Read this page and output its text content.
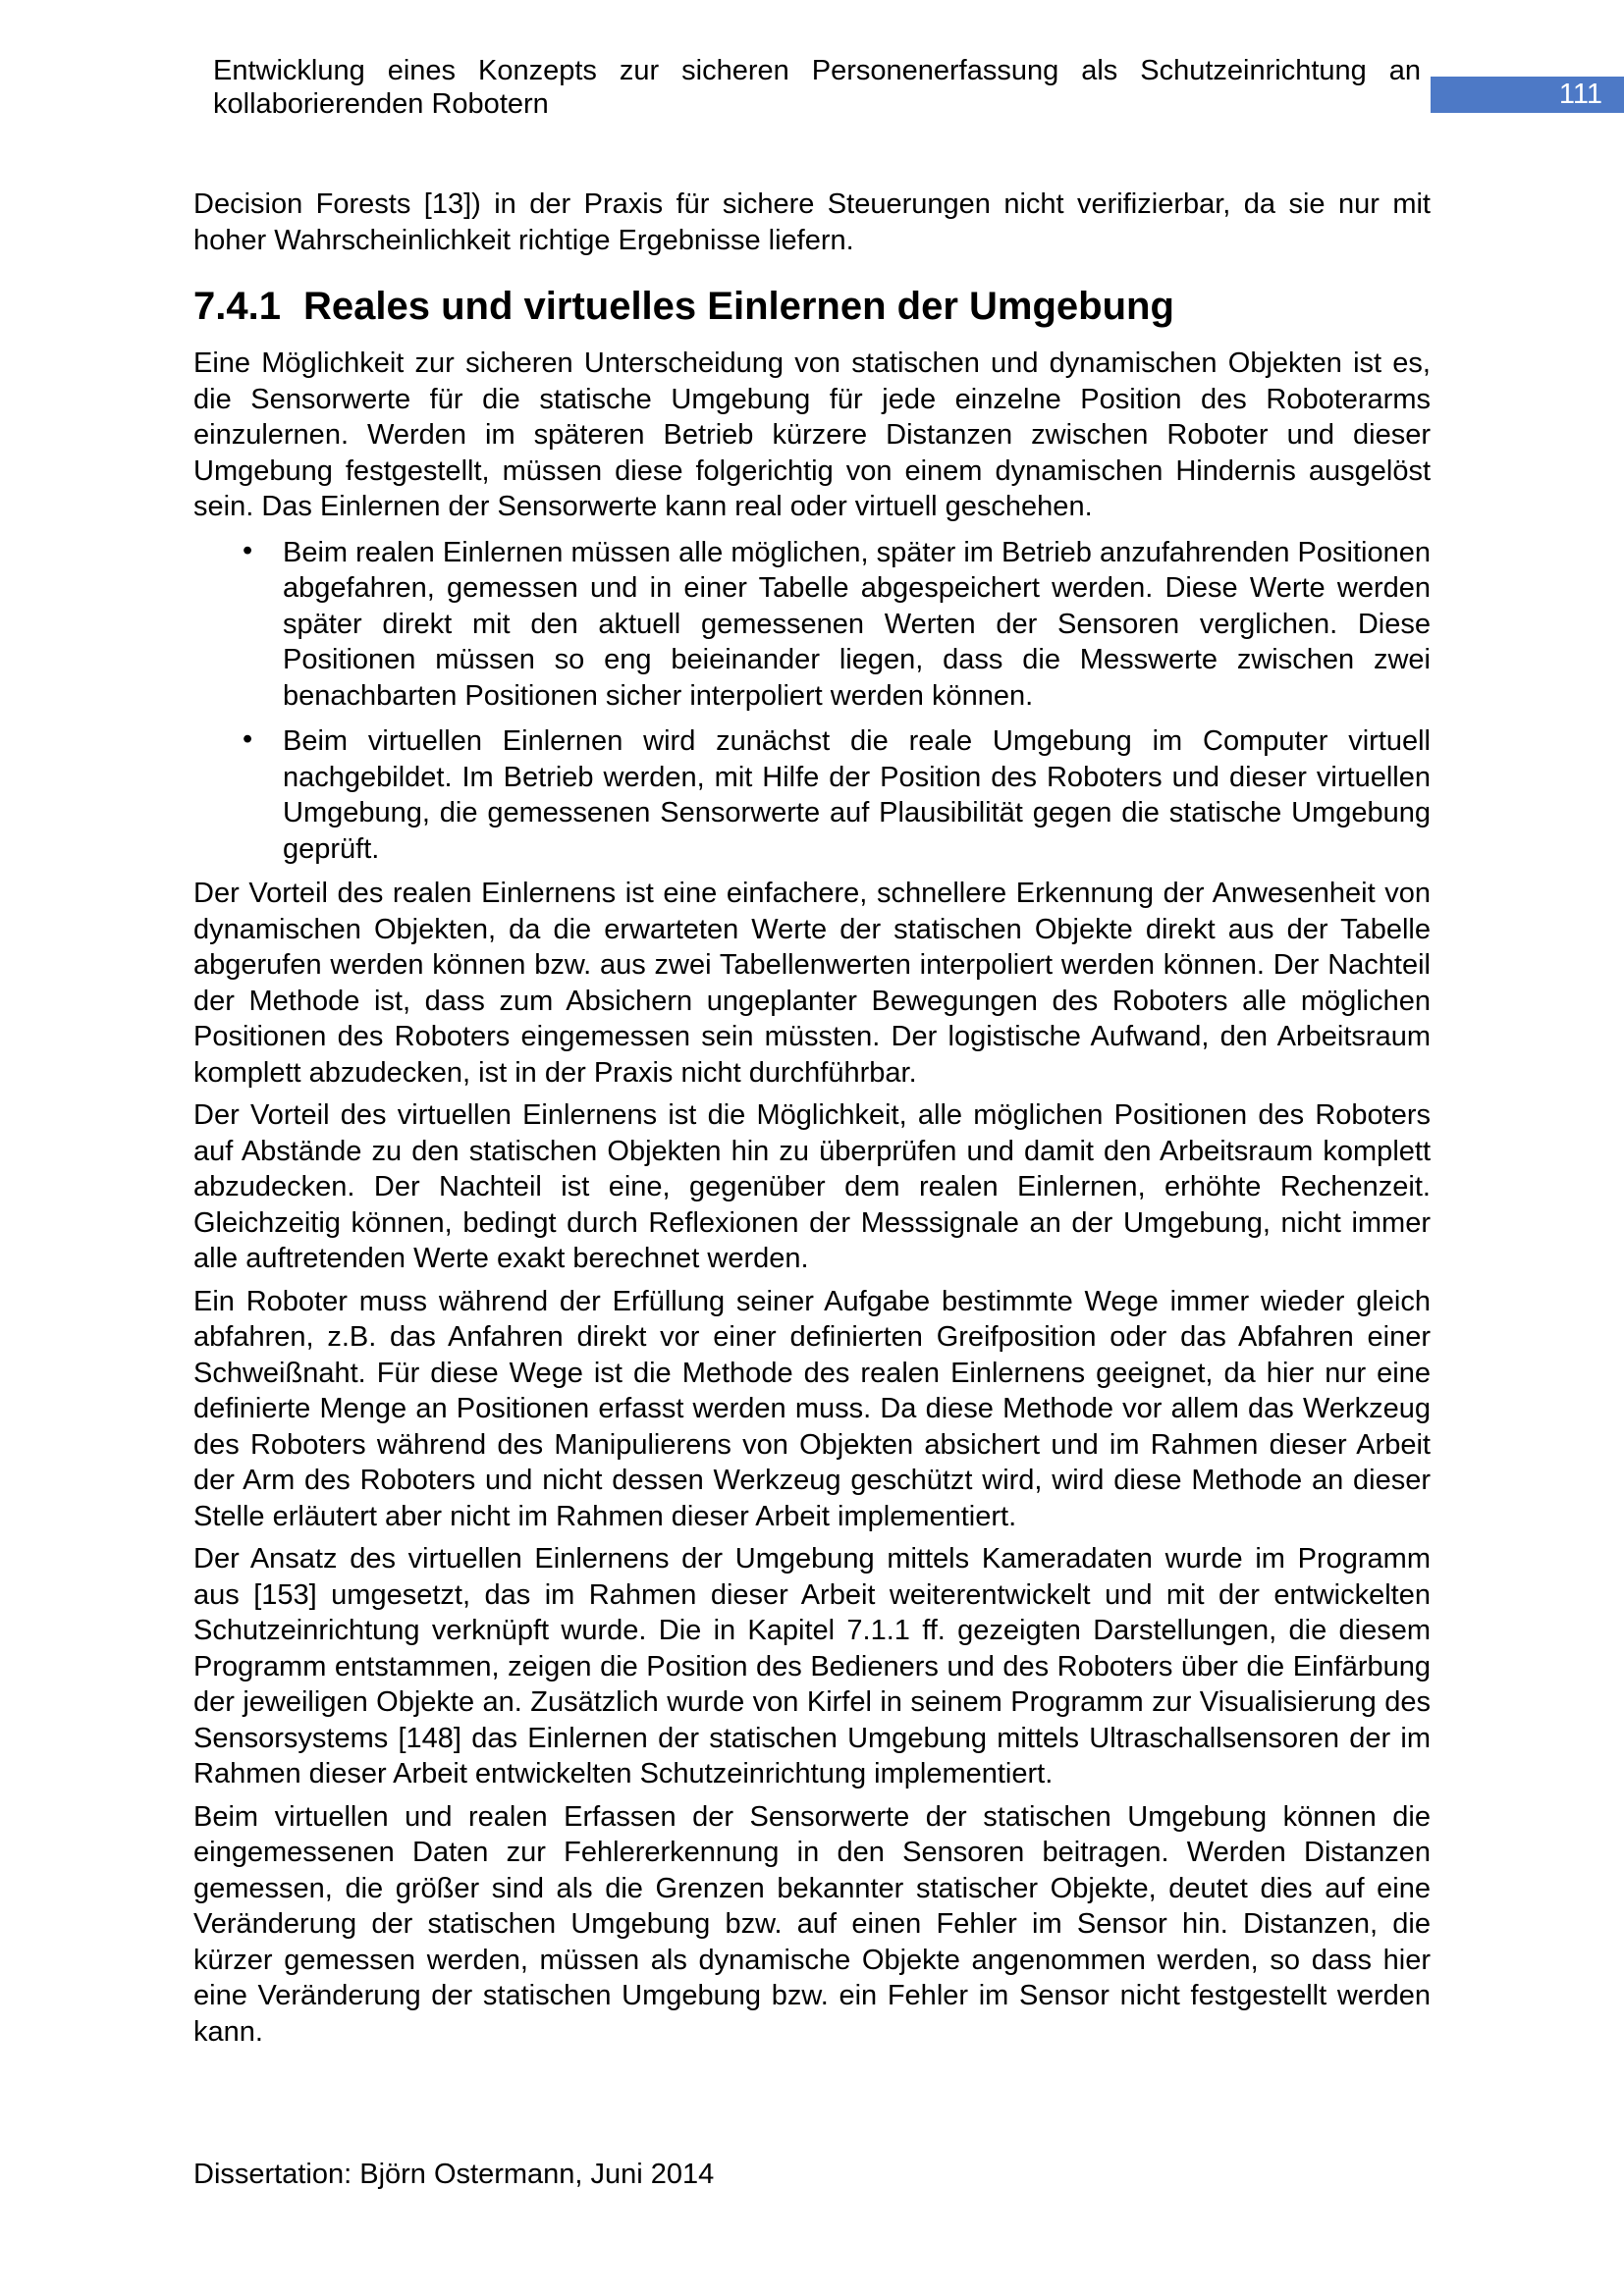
Entwicklung eines Konzepts zur sicheren Personenerfassung als Schutzeinrichtung an
kollaborierenden Robotern	111

Decision Forests [13]) in der Praxis für sichere Steuerungen nicht verifizierbar, da sie nur mit hoher Wahrscheinlichkeit richtige Ergebnisse liefern.

7.4.1 Reales und virtuelles Einlernen der Umgebung

Eine Möglichkeit zur sicheren Unterscheidung von statischen und dynamischen Objekten ist es, die Sensorwerte für die statische Umgebung für jede einzelne Position des Roboterarms einzulernen. Werden im späteren Betrieb kürzere Distanzen zwischen Roboter und dieser Umgebung festgestellt, müssen diese folgerichtig von einem dynamischen Hindernis ausgelöst sein. Das Einlernen der Sensorwerte kann real oder virtuell geschehen.

• Beim realen Einlernen müssen alle möglichen, später im Betrieb anzufahrenden Positionen abgefahren, gemessen und in einer Tabelle abgespeichert werden. Diese Werte werden später direkt mit den aktuell gemessenen Werten der Sensoren verglichen. Diese Positionen müssen so eng beieinander liegen, dass die Messwerte zwischen zwei benachbarten Positionen sicher interpoliert werden können.
• Beim virtuellen Einlernen wird zunächst die reale Umgebung im Computer virtuell nachgebildet. Im Betrieb werden, mit Hilfe der Position des Roboters und dieser virtuellen Umgebung, die gemessenen Sensorwerte auf Plausibilität gegen die statische Umgebung geprüft.

Der Vorteil des realen Einlernens ist eine einfachere, schnellere Erkennung der Anwesenheit von dynamischen Objekten, da die erwarteten Werte der statischen Objekte direkt aus der Tabelle abgerufen werden können bzw. aus zwei Tabellenwerten interpoliert werden können. Der Nachteil der Methode ist, dass zum Absichern ungeplanter Bewegungen des Roboters alle möglichen Positionen des Roboters eingemessen sein müssten. Der logistische Aufwand, den Arbeitsraum komplett abzudecken, ist in der Praxis nicht durchführbar.

Der Vorteil des virtuellen Einlernens ist die Möglichkeit, alle möglichen Positionen des Roboters auf Abstände zu den statischen Objekten hin zu überprüfen und damit den Arbeitsraum komplett abzudecken. Der Nachteil ist eine, gegenüber dem realen Einlernen, erhöhte Rechenzeit. Gleichzeitig können, bedingt durch Reflexionen der Messsignale an der Umgebung, nicht immer alle auftretenden Werte exakt berechnet werden.

Ein Roboter muss während der Erfüllung seiner Aufgabe bestimmte Wege immer wieder gleich abfahren, z.B. das Anfahren direkt vor einer definierten Greifposition oder das Abfahren einer Schweißnaht. Für diese Wege ist die Methode des realen Einlernens geeignet, da hier nur eine definierte Menge an Positionen erfasst werden muss. Da diese Methode vor allem das Werkzeug des Roboters während des Manipulierens von Objekten absichert und im Rahmen dieser Arbeit der Arm des Roboters und nicht dessen Werkzeug geschützt wird, wird diese Methode an dieser Stelle erläutert aber nicht im Rahmen dieser Arbeit implementiert.

Der Ansatz des virtuellen Einlernens der Umgebung mittels Kameradaten wurde im Programm aus [153] umgesetzt, das im Rahmen dieser Arbeit weiterentwickelt und mit der entwickelten Schutzeinrichtung verknüpft wurde. Die in Kapitel 7.1.1 ff. gezeigten Darstellungen, die diesem Programm entstammen, zeigen die Position des Bedieners und des Roboters über die Einfärbung der jeweiligen Objekte an. Zusätzlich wurde von Kirfel in seinem Programm zur Visualisierung des Sensorsystems [148] das Einlernen der statischen Umgebung mittels Ultraschallsensoren der im Rahmen dieser Arbeit entwickelten Schutzeinrichtung implementiert.

Beim virtuellen und realen Erfassen der Sensorwerte der statischen Umgebung können die eingemessenen Daten zur Fehlererkennung in den Sensoren beitragen. Werden Distanzen gemessen, die größer sind als die Grenzen bekannter statischer Objekte, deutet dies auf eine Veränderung der statischen Umgebung bzw. auf einen Fehler im Sensor hin. Distanzen, die kürzer gemessen werden, müssen als dynamische Objekte angenommen werden, so dass hier eine Veränderung der statischen Umgebung bzw. ein Fehler im Sensor nicht festgestellt werden kann.

Dissertation: Björn Ostermann, Juni 2014
